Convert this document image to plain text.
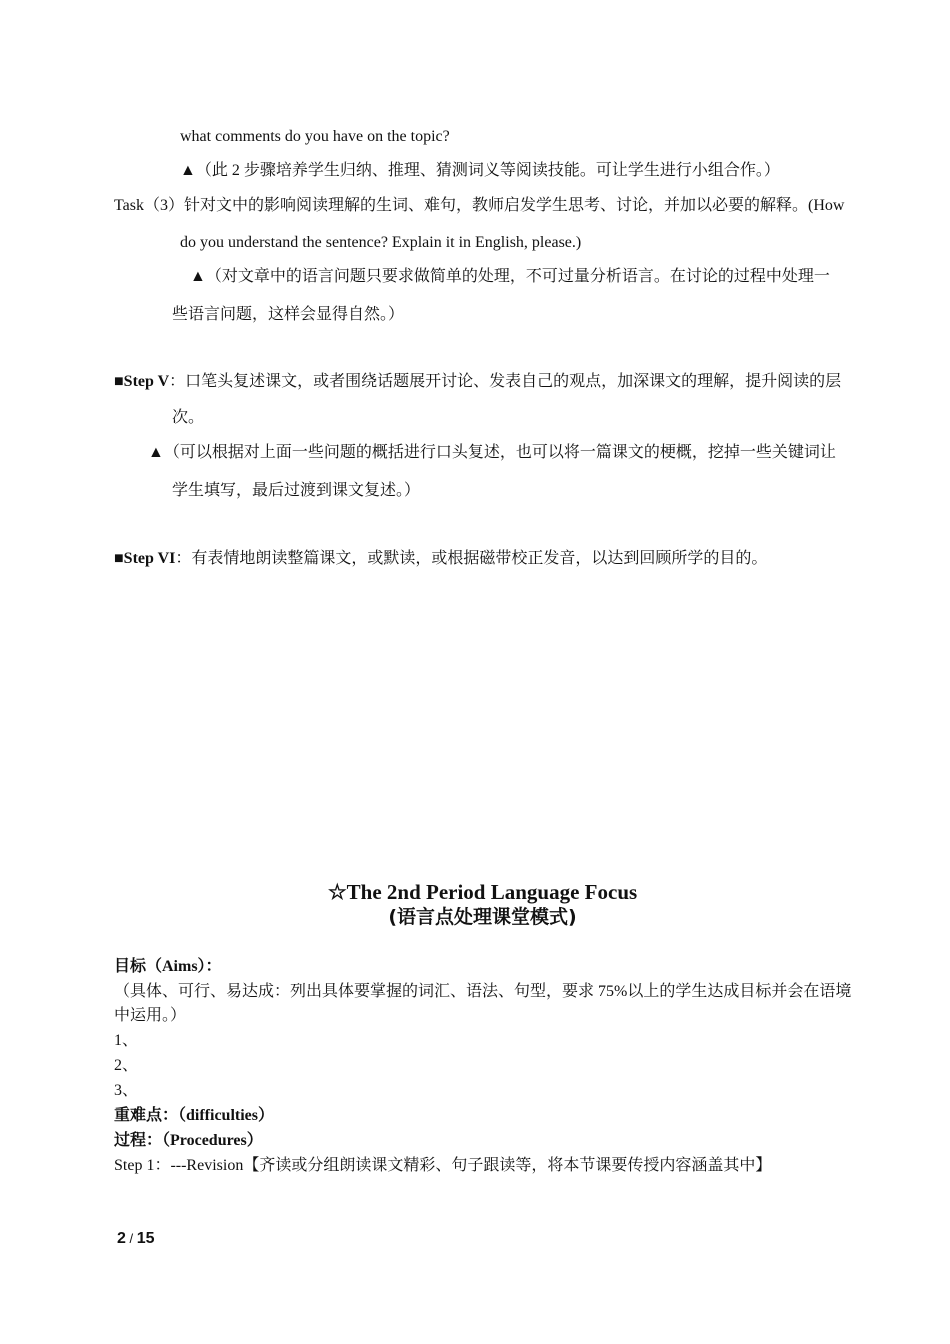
what comments do you have on the topic?
▲（此 2 步骤培养学生归纳、推理、猜测词义等阅读技能。可让学生进行小组合作。）
Task（3）针对文中的影响阅读理解的生词、难句，教师启发学生思考、讨论，并加以必要的解释。(How
do you understand the sentence? Explain it in English, please.)
▲（对文章中的语言问题只要求做简单的处理，不可过量分析语言。在讨论的过程中处理一
些语言问题，这样会显得自然。）
■Step V：口笔头复述课文，或者围绕话题展开讨论、发表自己的观点，加深课文的理解，提升阅读的层
次。
▲（可以根据对上面一些问题的概括进行口头复述，也可以将一篇课文的梗概，挖掉一些关键词让
学生填写，最后过渡到课文复述。）
■Step VI：有表情地朗读整篇课文，或默读，或根据磁带校正发音，以达到回顾所学的目的。
☆The 2nd Period Language Focus
(语言点处理课堂模式)
目标（Aims）：
（具体、可行、易达成：列出具体要掌握的词汇、语法、句型，要求 75%以上的学生达成目标并会在语境
中运用。）
1、
2、
3、
重难点：（difficulties）
过程：（Procedures）
Step 1：---Revision【齐读或分组朗读课文精彩、句子跟读等，将本节课要传授内容涵盖其中】
2 / 15
